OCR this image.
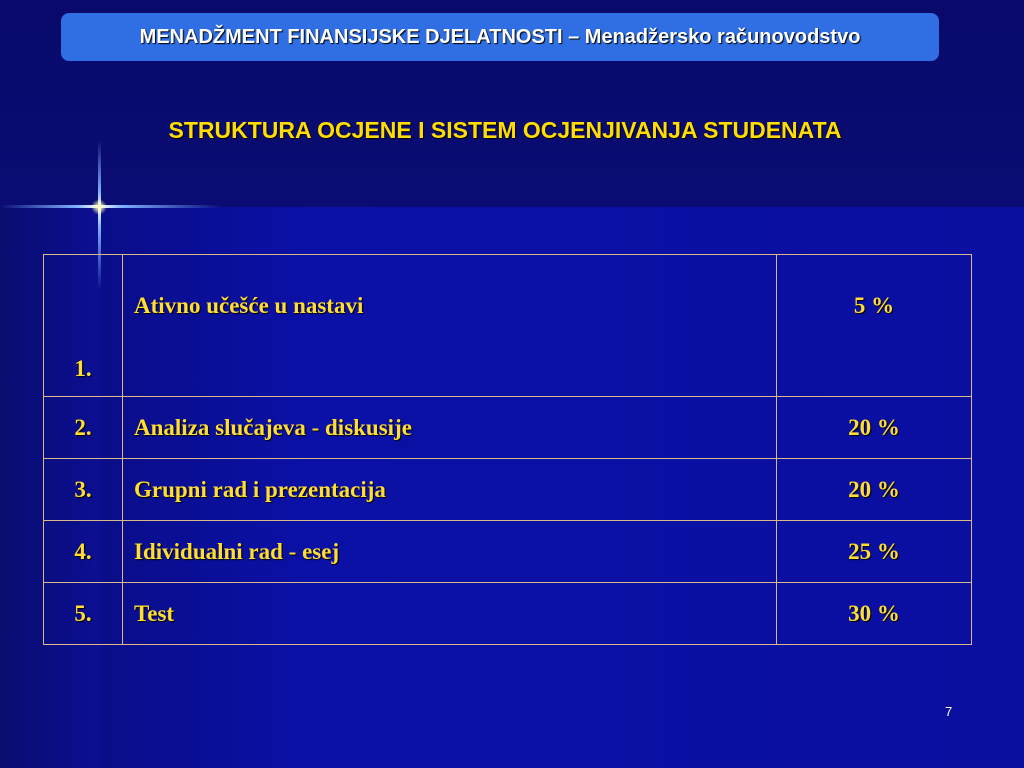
MENADŽMENT FINANSIJSKE DJELATNOSTI – Menadžersko računovodstvo
STRUKTURA OCJENE I SISTEM OCJENJIVANJA STUDENATA
1.	Ativno učešće u nastavi	5 %
2.	Analiza slučajeva - diskusije	20 %
3.	Grupni rad i prezentacija	20 %
4.	Idividualni rad - esej	25 %
5.	Test	30 %
7
